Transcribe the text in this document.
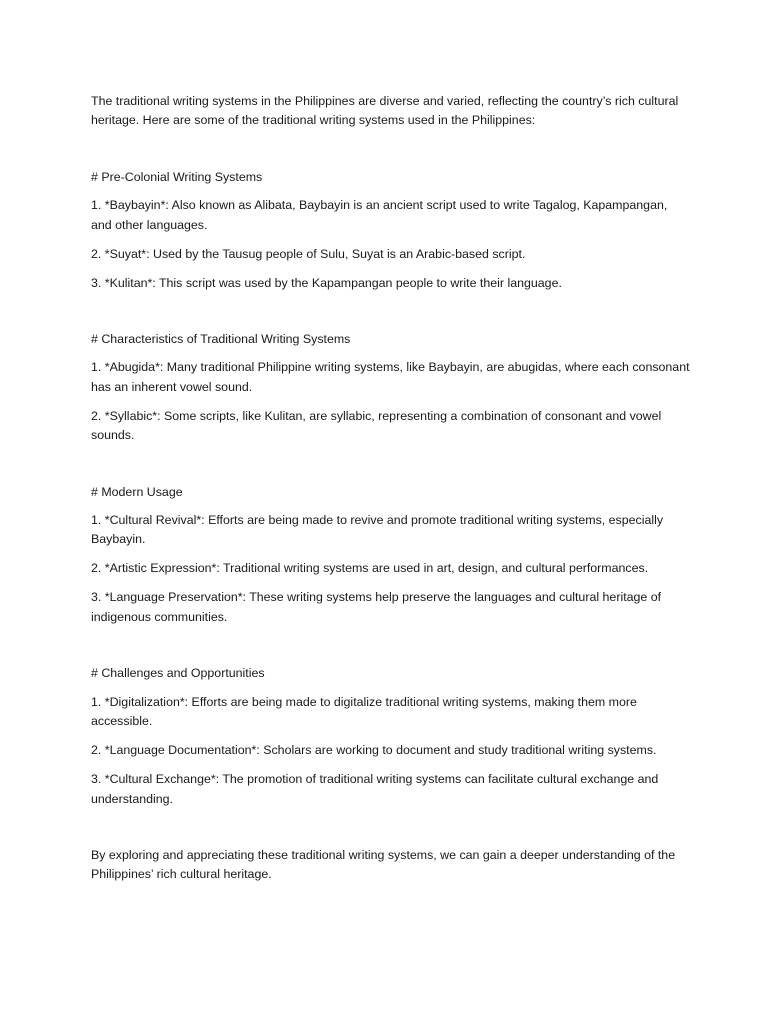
The traditional writing systems in the Philippines are diverse and varied, reflecting the country’s rich cultural heritage. Here are some of the traditional writing systems used in the Philippines:

# Pre-Colonial Writing Systems

1. *Baybayin*: Also known as Alibata, Baybayin is an ancient script used to write Tagalog, Kapampangan, and other languages.

2. *Suyat*: Used by the Tausug people of Sulu, Suyat is an Arabic-based script.

3. *Kulitan*: This script was used by the Kapampangan people to write their language.

# Characteristics of Traditional Writing Systems

1. *Abugida*: Many traditional Philippine writing systems, like Baybayin, are abugidas, where each consonant has an inherent vowel sound.

2. *Syllabic*: Some scripts, like Kulitan, are syllabic, representing a combination of consonant and vowel sounds.

# Modern Usage

1. *Cultural Revival*: Efforts are being made to revive and promote traditional writing systems, especially Baybayin.

2. *Artistic Expression*: Traditional writing systems are used in art, design, and cultural performances.

3. *Language Preservation*: These writing systems help preserve the languages and cultural heritage of indigenous communities.

# Challenges and Opportunities

1. *Digitalization*: Efforts are being made to digitalize traditional writing systems, making them more accessible.

2. *Language Documentation*: Scholars are working to document and study traditional writing systems.

3. *Cultural Exchange*: The promotion of traditional writing systems can facilitate cultural exchange and understanding.

By exploring and appreciating these traditional writing systems, we can gain a deeper understanding of the Philippines’ rich cultural heritage.
